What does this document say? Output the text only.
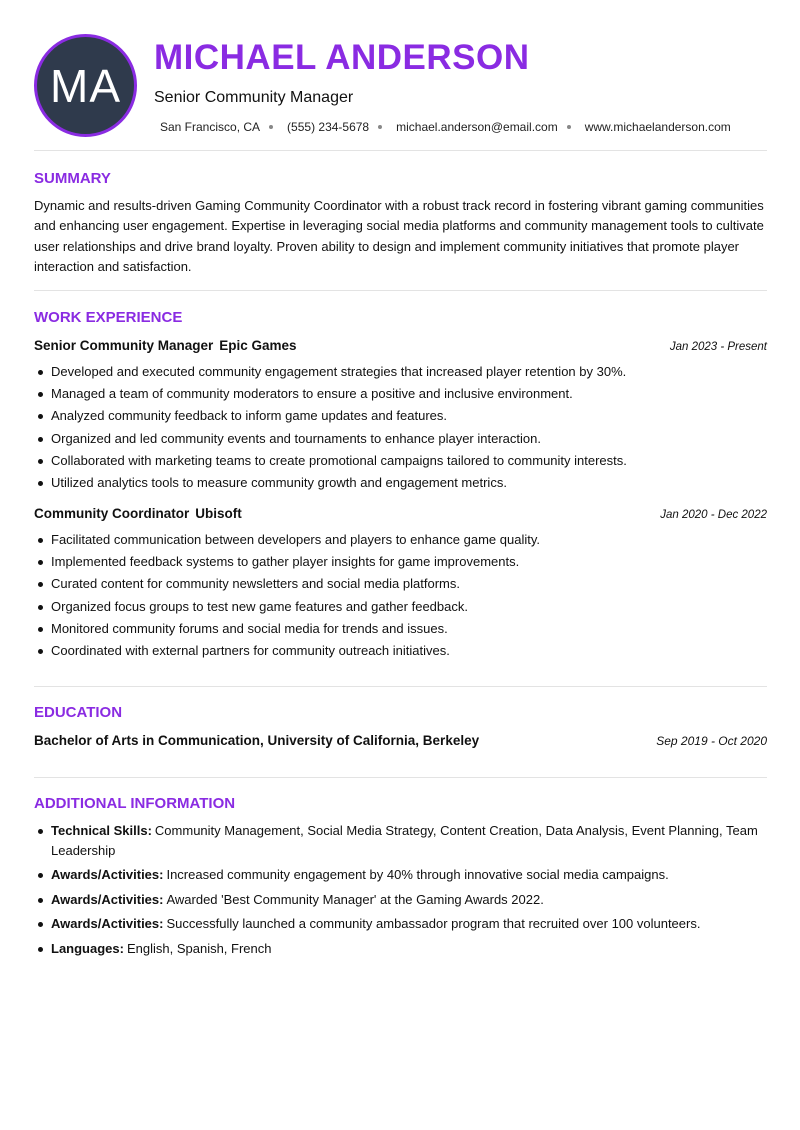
MA
MICHAEL ANDERSON
Senior Community Manager
San Francisco, CA (555) 234-5678 michael.anderson@email.com www.michaelanderson.com
SUMMARY
Dynamic and results-driven Gaming Community Coordinator with a robust track record in fostering vibrant gaming communities and enhancing user engagement. Expertise in leveraging social media platforms and community management tools to cultivate user relationships and drive brand loyalty. Proven ability to design and implement community initiatives that promote player interaction and satisfaction.
WORK EXPERIENCE
Senior Community Manager Epic Games	Jan 2023 - Present
Developed and executed community engagement strategies that increased player retention by 30%.
Managed a team of community moderators to ensure a positive and inclusive environment.
Analyzed community feedback to inform game updates and features.
Organized and led community events and tournaments to enhance player interaction.
Collaborated with marketing teams to create promotional campaigns tailored to community interests.
Utilized analytics tools to measure community growth and engagement metrics.
Community Coordinator Ubisoft	Jan 2020 - Dec 2022
Facilitated communication between developers and players to enhance game quality.
Implemented feedback systems to gather player insights for game improvements.
Curated content for community newsletters and social media platforms.
Organized focus groups to test new game features and gather feedback.
Monitored community forums and social media for trends and issues.
Coordinated with external partners for community outreach initiatives.
EDUCATION
Bachelor of Arts in Communication, University of California, Berkeley	Sep 2019 - Oct 2020
ADDITIONAL INFORMATION
Technical Skills: Community Management, Social Media Strategy, Content Creation, Data Analysis, Event Planning, Team Leadership
Awards/Activities: Increased community engagement by 40% through innovative social media campaigns.
Awards/Activities: Awarded 'Best Community Manager' at the Gaming Awards 2022.
Awards/Activities: Successfully launched a community ambassador program that recruited over 100 volunteers.
Languages: English, Spanish, French
